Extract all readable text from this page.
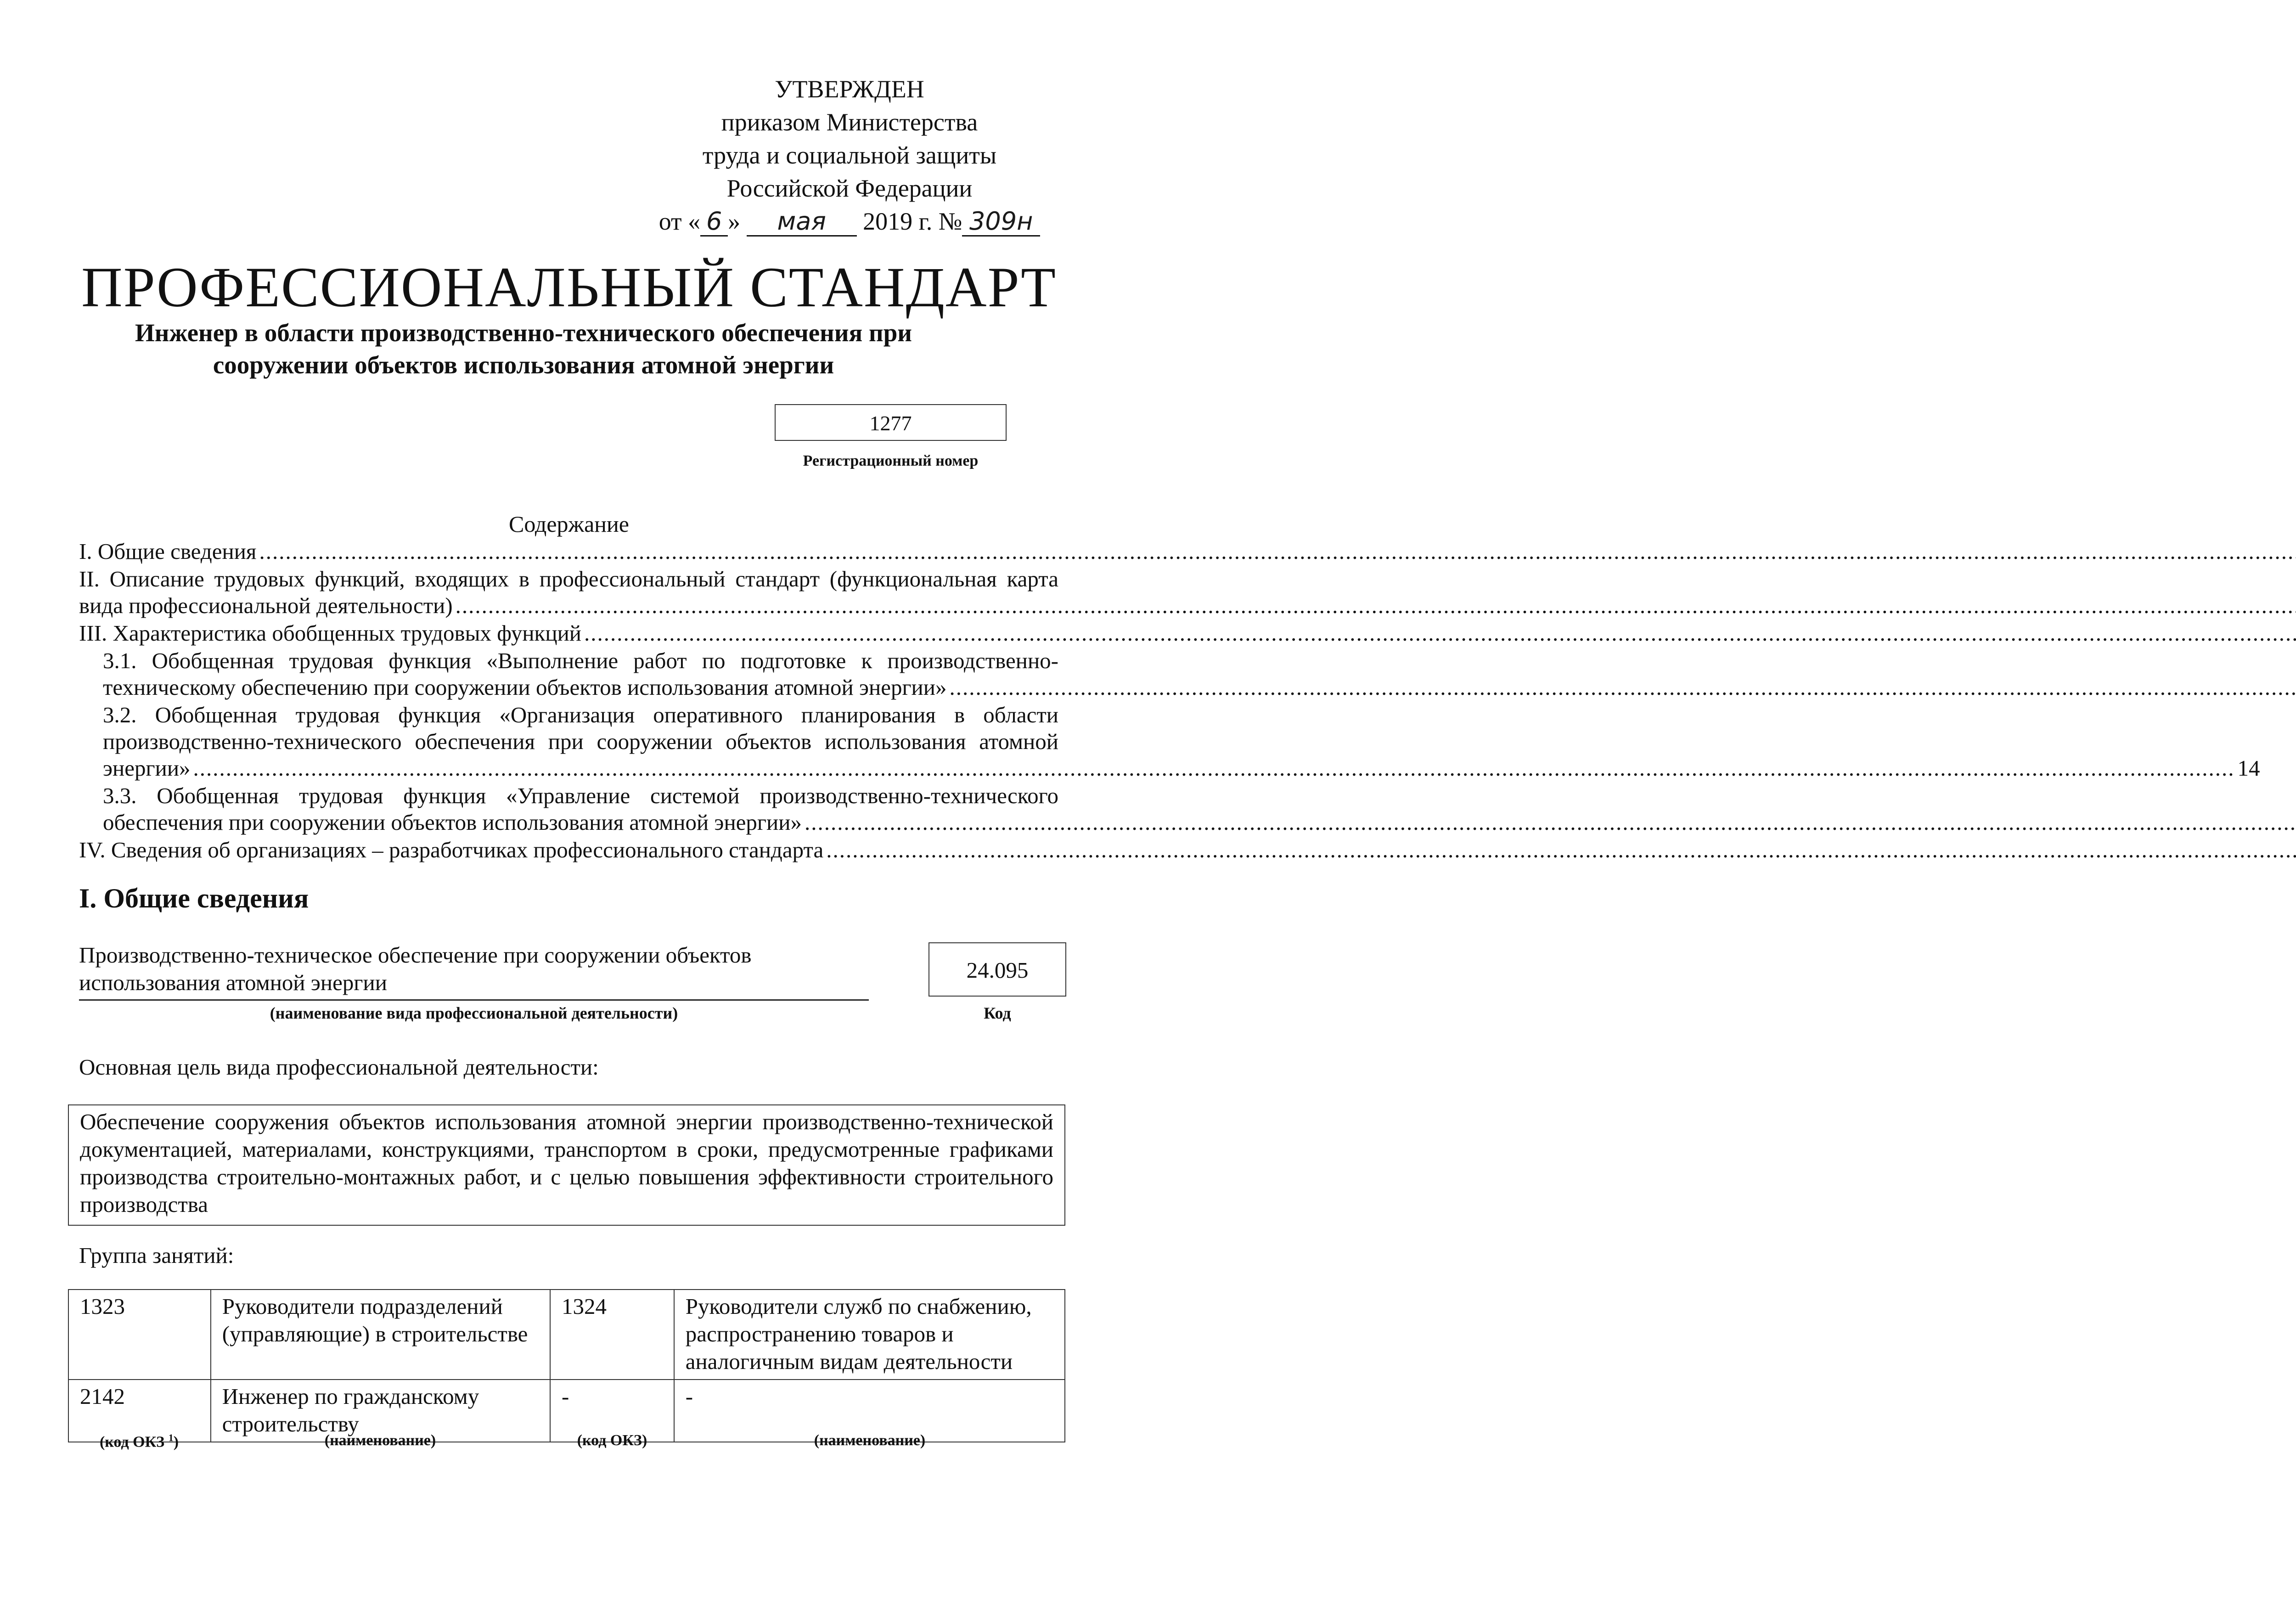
УТВЕРЖДЕН
приказом Министерства
труда и социальной защиты
Российской Федерации
от « 6 » мая 2019 г. № 309н
ПРОФЕССИОНАЛЬНЫЙ СТАНДАРТ
Инженер в области производственно-технического обеспечения при сооружении объектов использования атомной энергии
1277
Регистрационный номер
Содержание
I. Общие сведения
.....
II. Описание трудовых функций, входящих в профессиональный стандарт (функциональная карта
вида профессиональной деятельности)
.....
III. Характеристика обобщенных трудовых функций
.....
3.1. Обобщенная трудовая функция «Выполнение работ по подготовке к производственно-
техническому обеспечению при сооружении объектов использования атомной энергии»
.....
3.2. Обобщенная трудовая функция «Организация оперативного планирования в области производственно-технического обеспечения при сооружении объектов использования атомной
энергии» .....	14
3.3. Обобщенная трудовая функция «Управление системой производственно-технического
обеспечения при сооружении объектов использования атомной энергии»
.....
IV. Сведения об организациях – разработчиках профессионального стандарта
.....
I. Общие сведения
Производственно-техническое обеспечение при сооружении объектов использования атомной энергии
(наименование вида профессиональной деятельности)
24.095
Код
Основная цель вида профессиональной деятельности:
Обеспечение сооружения объектов использования атомной энергии производственно-технической документацией, материалами, конструкциями, транспортом в сроки, предусмотренные графиками производства строительно-монтажных работ, и с целью повышения эффективности строительного производства
Группа занятий:
1323	Руководители подразделений (управляющие) в строительстве	1324	Руководители служб по снабжению, распространению товаров и аналогичным видам деятельности
2142	Инженер по гражданскому строительству	-	-
(код ОКЗ $^1$)	(наименование)	(код ОКЗ)	(наименование)
